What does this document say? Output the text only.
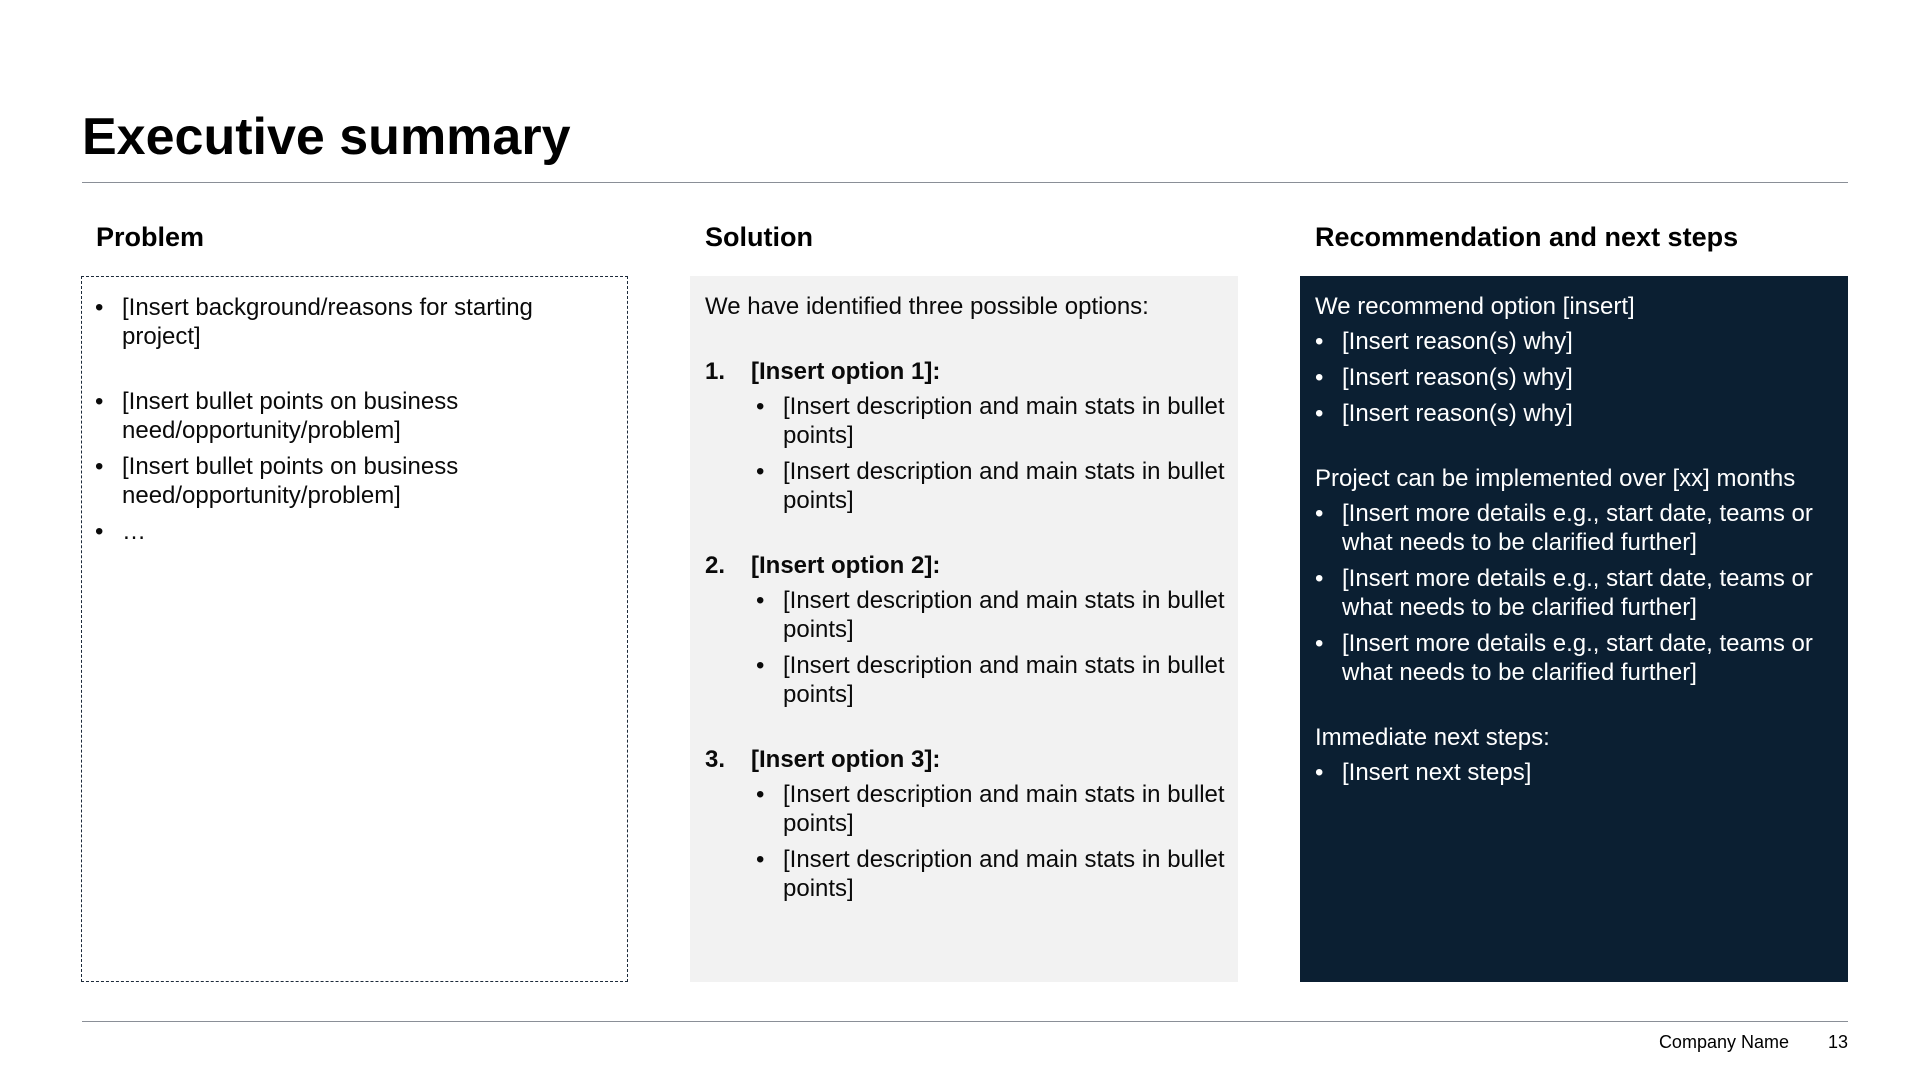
Executive summary
Problem	Solution	Recommendation and next steps
• [Insert background/reasons for starting project]
• [Insert bullet points on business need/opportunity/problem]
• [Insert bullet points on business need/opportunity/problem]
• …

We have identified three possible options:

1. [Insert option 1]:
• [Insert description and main stats in bullet points]
• [Insert description and main stats in bullet points]
2. [Insert option 2]:
• [Insert description and main stats in bullet points]
• [Insert description and main stats in bullet points]
3. [Insert option 3]:
• [Insert description and main stats in bullet points]
• [Insert description and main stats in bullet points]

We recommend option [insert]

• [Insert reason(s) why]
• [Insert reason(s) why]
• [Insert reason(s) why]

Project can be implemented over [xx] months

• [Insert more details e.g., start date, teams or what needs to be clarified further]
• [Insert more details e.g., start date, teams or what needs to be clarified further]
• [Insert more details e.g., start date, teams or what needs to be clarified further]

Immediate next steps:

• [Insert next steps]
Company Name	13
